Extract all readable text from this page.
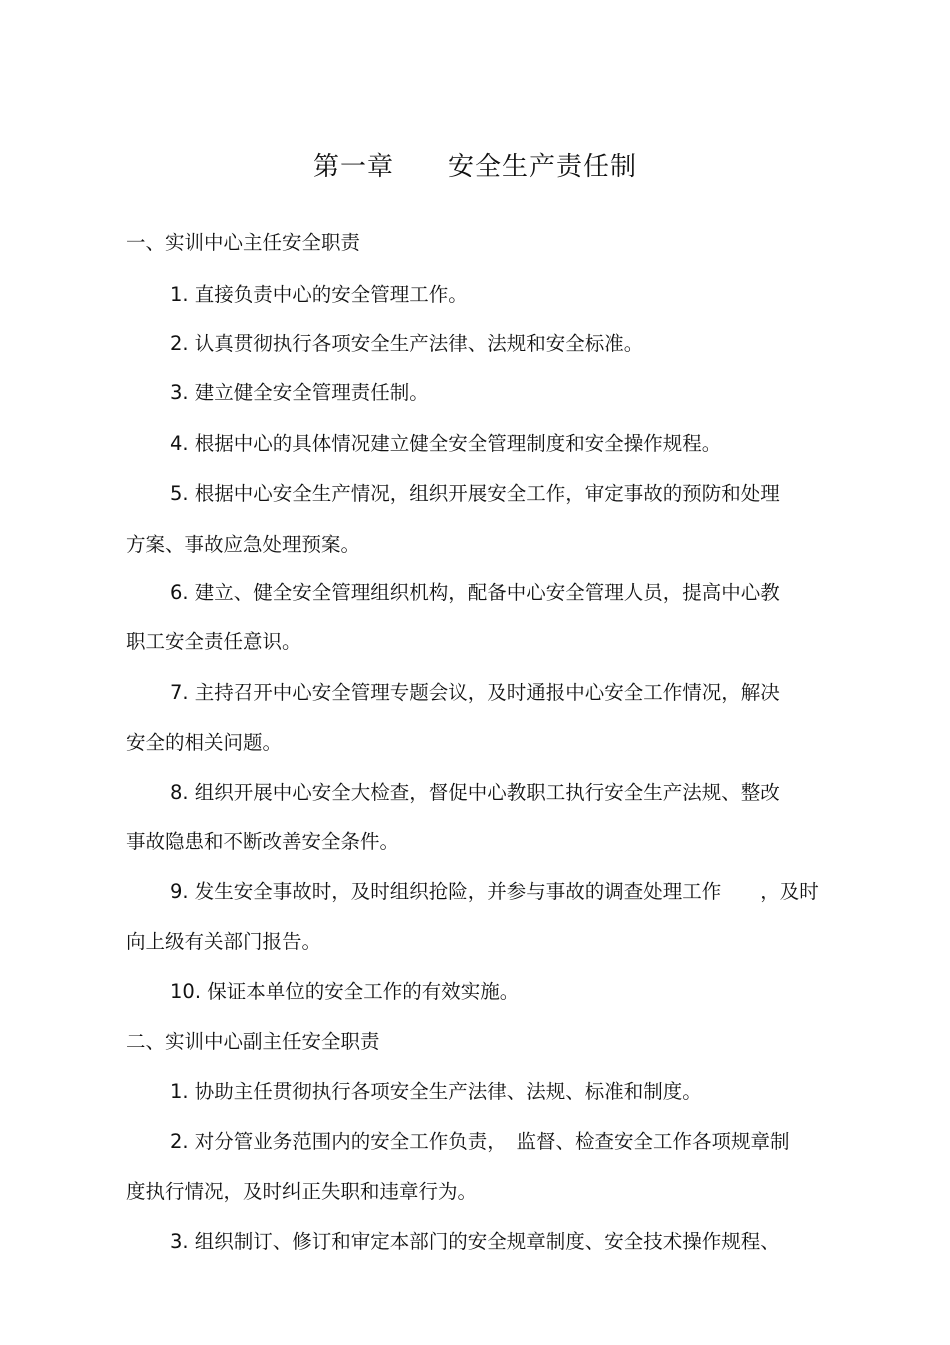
第一章　　安全生产责任制
一、实训中心主任安全职责
1. 直接负责中心的安全管理工作。
2. 认真贯彻执行各项安全生产法律、法规和安全标准。
3. 建立健全安全管理责任制。
4. 根据中心的具体情况建立健全安全管理制度和安全操作规程。
5. 根据中心安全生产情况，组织开展安全工作，审定事故的预防和处理
方案、事故应急处理预案。
6. 建立、健全安全管理组织机构，配备中心安全管理人员，提高中心教
职工安全责任意识。
7. 主持召开中心安全管理专题会议，及时通报中心安全工作情况，解决
安全的相关问题。
8. 组织开展中心安全大检查，督促中心教职工执行安全生产法规、整改
事故隐患和不断改善安全条件。
9. 发生安全事故时，及时组织抢险，并参与事故的调查处理工作　　，及时
向上级有关部门报告。
10. 保证本单位的安全工作的有效实施。
二、实训中心副主任安全职责
1. 协助主任贯彻执行各项安全生产法律、法规、标准和制度。
2. 对分管业务范围内的安全工作负责，　监督、检查安全工作各项规章制
度执行情况，及时纠正失职和违章行为。
3. 组织制订、修订和审定本部门的安全规章制度、安全技术操作规程、
